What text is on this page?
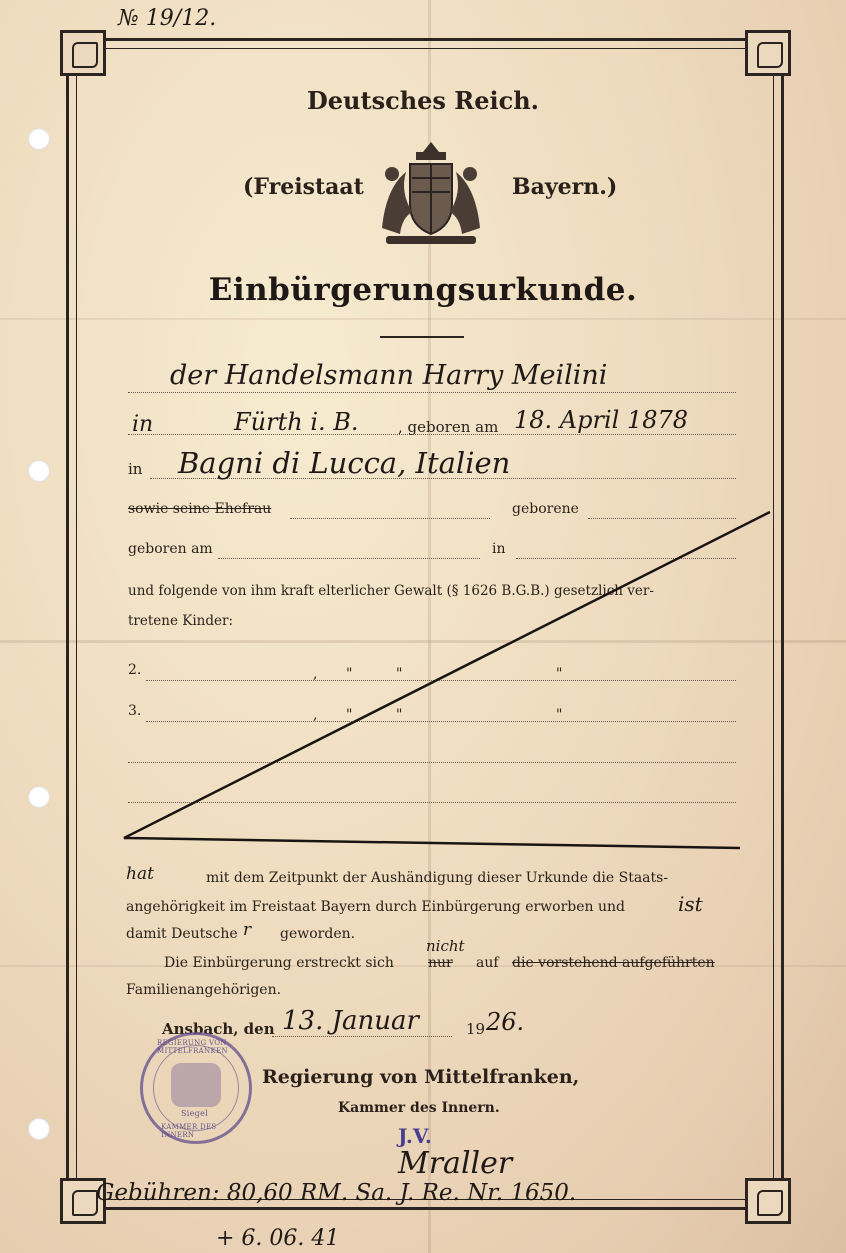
№ 19/12.
Deutsches Reich.
(Freistaat	Bayern.)
Einbürgerungsurkunde.
der Handelsmann Harry Meilini
in	Fürth i. B.	, geboren am 18. April 1878
in Bagni di Lucca, Italien
sowie seine Ehefrau	geborene
geboren am	in
und folgende von ihm kraft elterlicher Gewalt (§ 1626 B.G.B.) gesetzlich ver-
tretene Kinder:
2.	, "	"	"
3.	, "	"	"
hat	mit dem Zeitpunkt der Aushändigung dieser Urkunde die Staats-
angehörigkeit im Freistaat Bayern durch Einbürgerung erworben und	ist
damit Deutsche r geworden.
Die Einbürgerung erstreckt sich
nicht
nur auf die vorstehend aufgeführten
Familienangehörigen.
Ansbach, den 13. Januar	19 26.
Regierung von Mittelfranken,
Kammer des Innern.
J.V.
Mraller
REGIERUNG VON MITTELFRANKEN
Siegel
KAMMER DES INNERN
Gebühren: 80,60 RM. Sa. J. Re. Nr. 1650.
+ 6. 06. 41
